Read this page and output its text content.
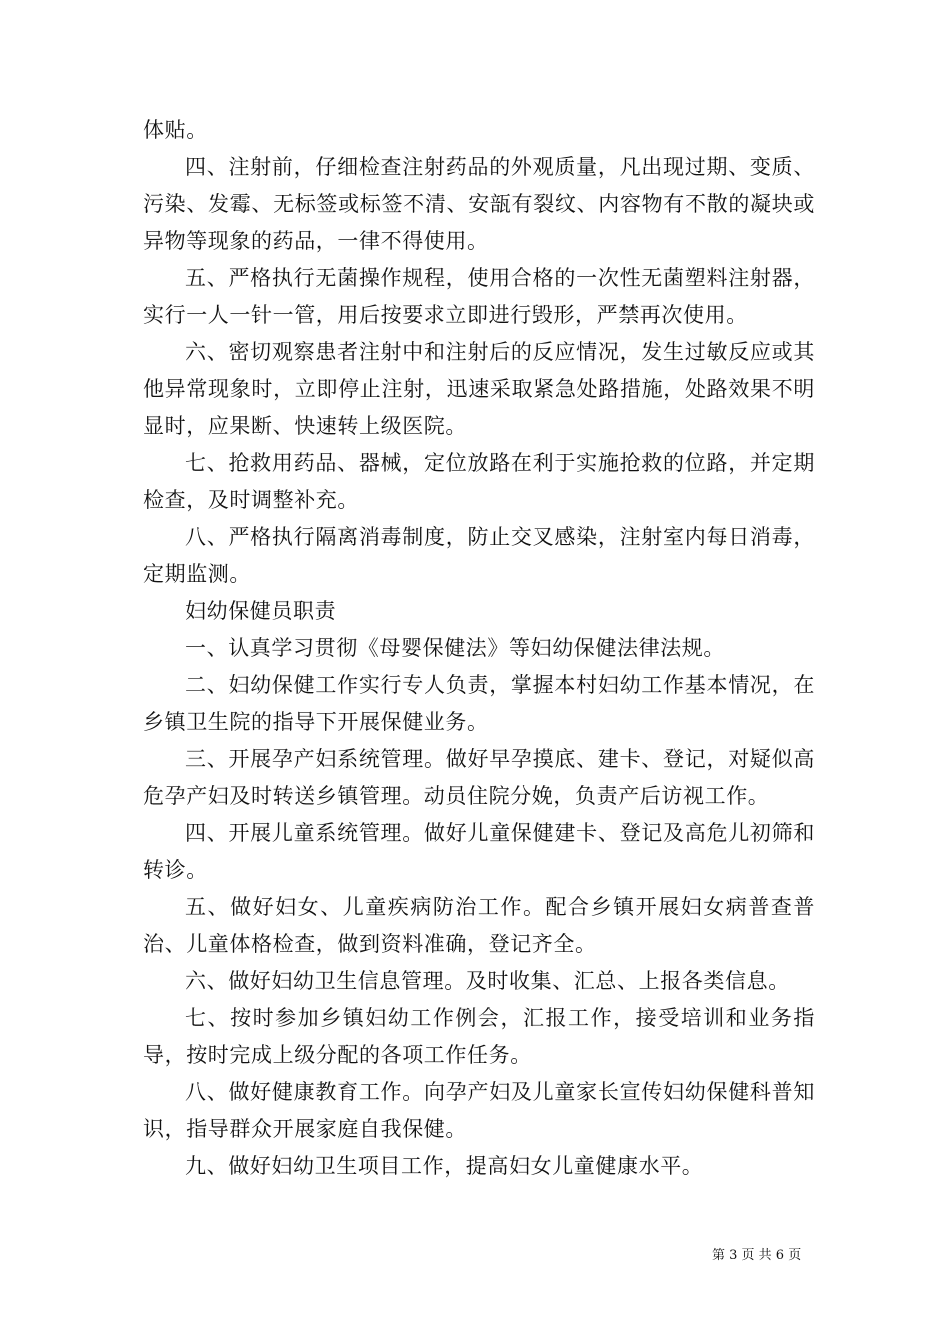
体贴。

四、注射前，仔细检查注射药品的外观质量，凡出现过期、变质、污染、发霉、无标签或标签不清、安瓿有裂纹、内容物有不散的凝块或异物等现象的药品，一律不得使用。

五、严格执行无菌操作规程，使用合格的一次性无菌塑料注射器，实行一人一针一管，用后按要求立即进行毁形，严禁再次使用。

六、密切观察患者注射中和注射后的反应情况，发生过敏反应或其他异常现象时，立即停止注射，迅速采取紧急处路措施，处路效果不明显时，应果断、快速转上级医院。

七、抢救用药品、器械，定位放路在利于实施抢救的位路，并定期检查，及时调整补充。

八、严格执行隔离消毒制度，防止交叉感染，注射室内每日消毒，定期监测。

妇幼保健员职责

一、认真学习贯彻《母婴保健法》等妇幼保健法律法规。

二、妇幼保健工作实行专人负责，掌握本村妇幼工作基本情况，在乡镇卫生院的指导下开展保健业务。

三、开展孕产妇系统管理。做好早孕摸底、建卡、登记，对疑似高危孕产妇及时转送乡镇管理。动员住院分娩，负责产后访视工作。

四、开展儿童系统管理。做好儿童保健建卡、登记及高危儿初筛和转诊。

五、做好妇女、儿童疾病防治工作。配合乡镇开展妇女病普查普治、儿童体格检查，做到资料准确，登记齐全。

六、做好妇幼卫生信息管理。及时收集、汇总、上报各类信息。

七、按时参加乡镇妇幼工作例会，汇报工作，接受培训和业务指导，按时完成上级分配的各项工作任务。

八、做好健康教育工作。向孕产妇及儿童家长宣传妇幼保健科普知识，指导群众开展家庭自我保健。

九、做好妇幼卫生项目工作，提高妇女儿童健康水平。

第 3 页 共 6 页
